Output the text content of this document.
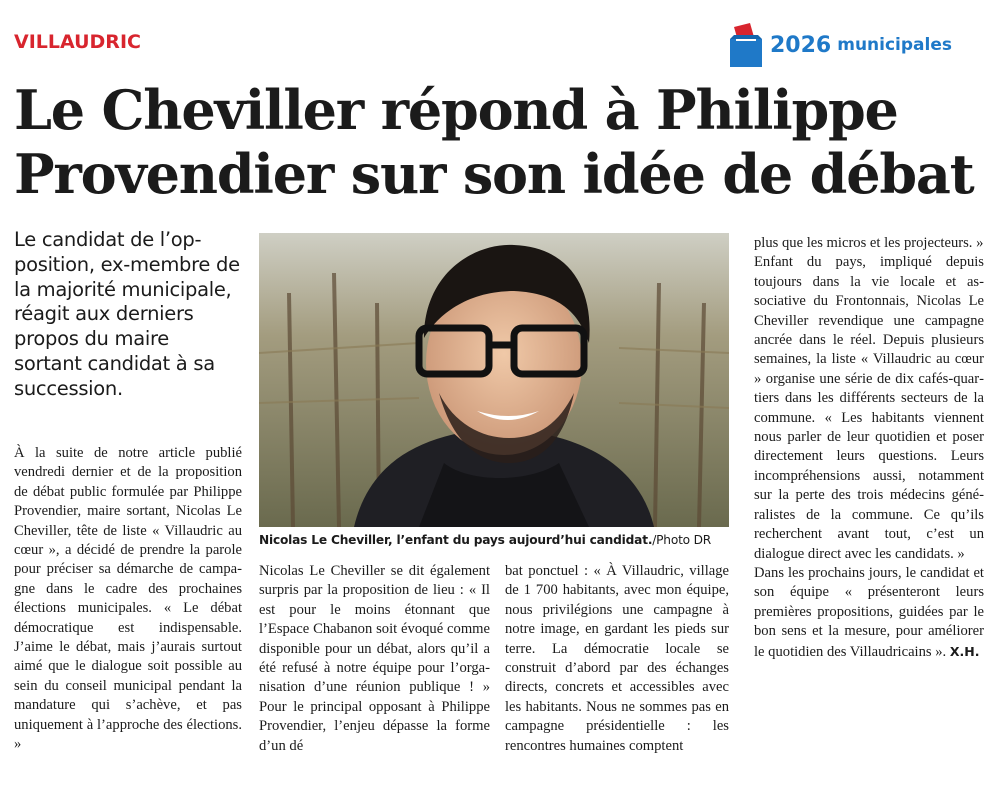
VILLAUDRIC	2026 municipales
Le Cheviller répond à Philippe Provendier sur son idée de débat
Le candidat de l’opposition, ex-membre de la majorité municipale, réagit aux derniers propos du maire sortant candidat à sa succession.

À la suite de notre article publié vendredi dernier et de la proposition de débat public formulée par Philippe Provendier, maire sortant, Nicolas Le Cheviller, tête de liste « Villaudric au cœur », a décidé de prendre la parole pour préciser sa démarche de campagne dans le cadre des prochaines élections municipales. « Le débat démocratique est indispensable. J’aime le débat, mais j’aurais surtout aimé que le dialogue soit possible au sein du conseil municipal pendant la mandature qui s’achève, et pas uniquement à l’approche des élections. »

Nicolas Le Cheviller, l’enfant du pays aujourd’hui candidat./Photo DR

Nicolas Le Cheviller se dit également surpris par la proposition de lieu : « Il est pour le moins étonnant que l’Espace Chabanon soit évoqué comme disponible pour un débat, alors qu’il a été refusé à notre équipe pour l’organisation d’une réunion publique ! » Pour le principal opposant à Philippe Provendier, l’enjeu dépasse la forme d’un dé

bat ponctuel : « À Villaudric, village de 1 700 habitants, avec mon équipe, nous privilégions une campagne à notre image, en gardant les pieds sur terre. La démocratie locale se construit d’abord par des échanges directs, concrets et accessibles avec les habitants. Nous ne sommes pas en campagne présidentielle : les rencontres humaines comptent

plus que les micros et les projecteurs. »

Enfant du pays, impliqué depuis toujours dans la vie locale et associative du Frontonnais, Nicolas Le Cheviller revendique une campagne ancrée dans le réel. Depuis plusieurs semaines, la liste « Villaudric au cœur » organise une série de dix cafés-quartiers dans les différents secteurs de la commune. « Les habitants viennent nous parler de leur quotidien et poser directement leurs questions. Leurs incompréhensions aussi, notamment sur la perte des trois médecins généralistes de la commune. Ce qu’ils recherchent avant tout, c’est un dialogue direct avec les candidats. »

Dans les prochains jours, le candidat et son équipe « présenteront leurs premières propositions, guidées par le bon sens et la mesure, pour améliorer le quotidien des Villaudricains ». X.H.
